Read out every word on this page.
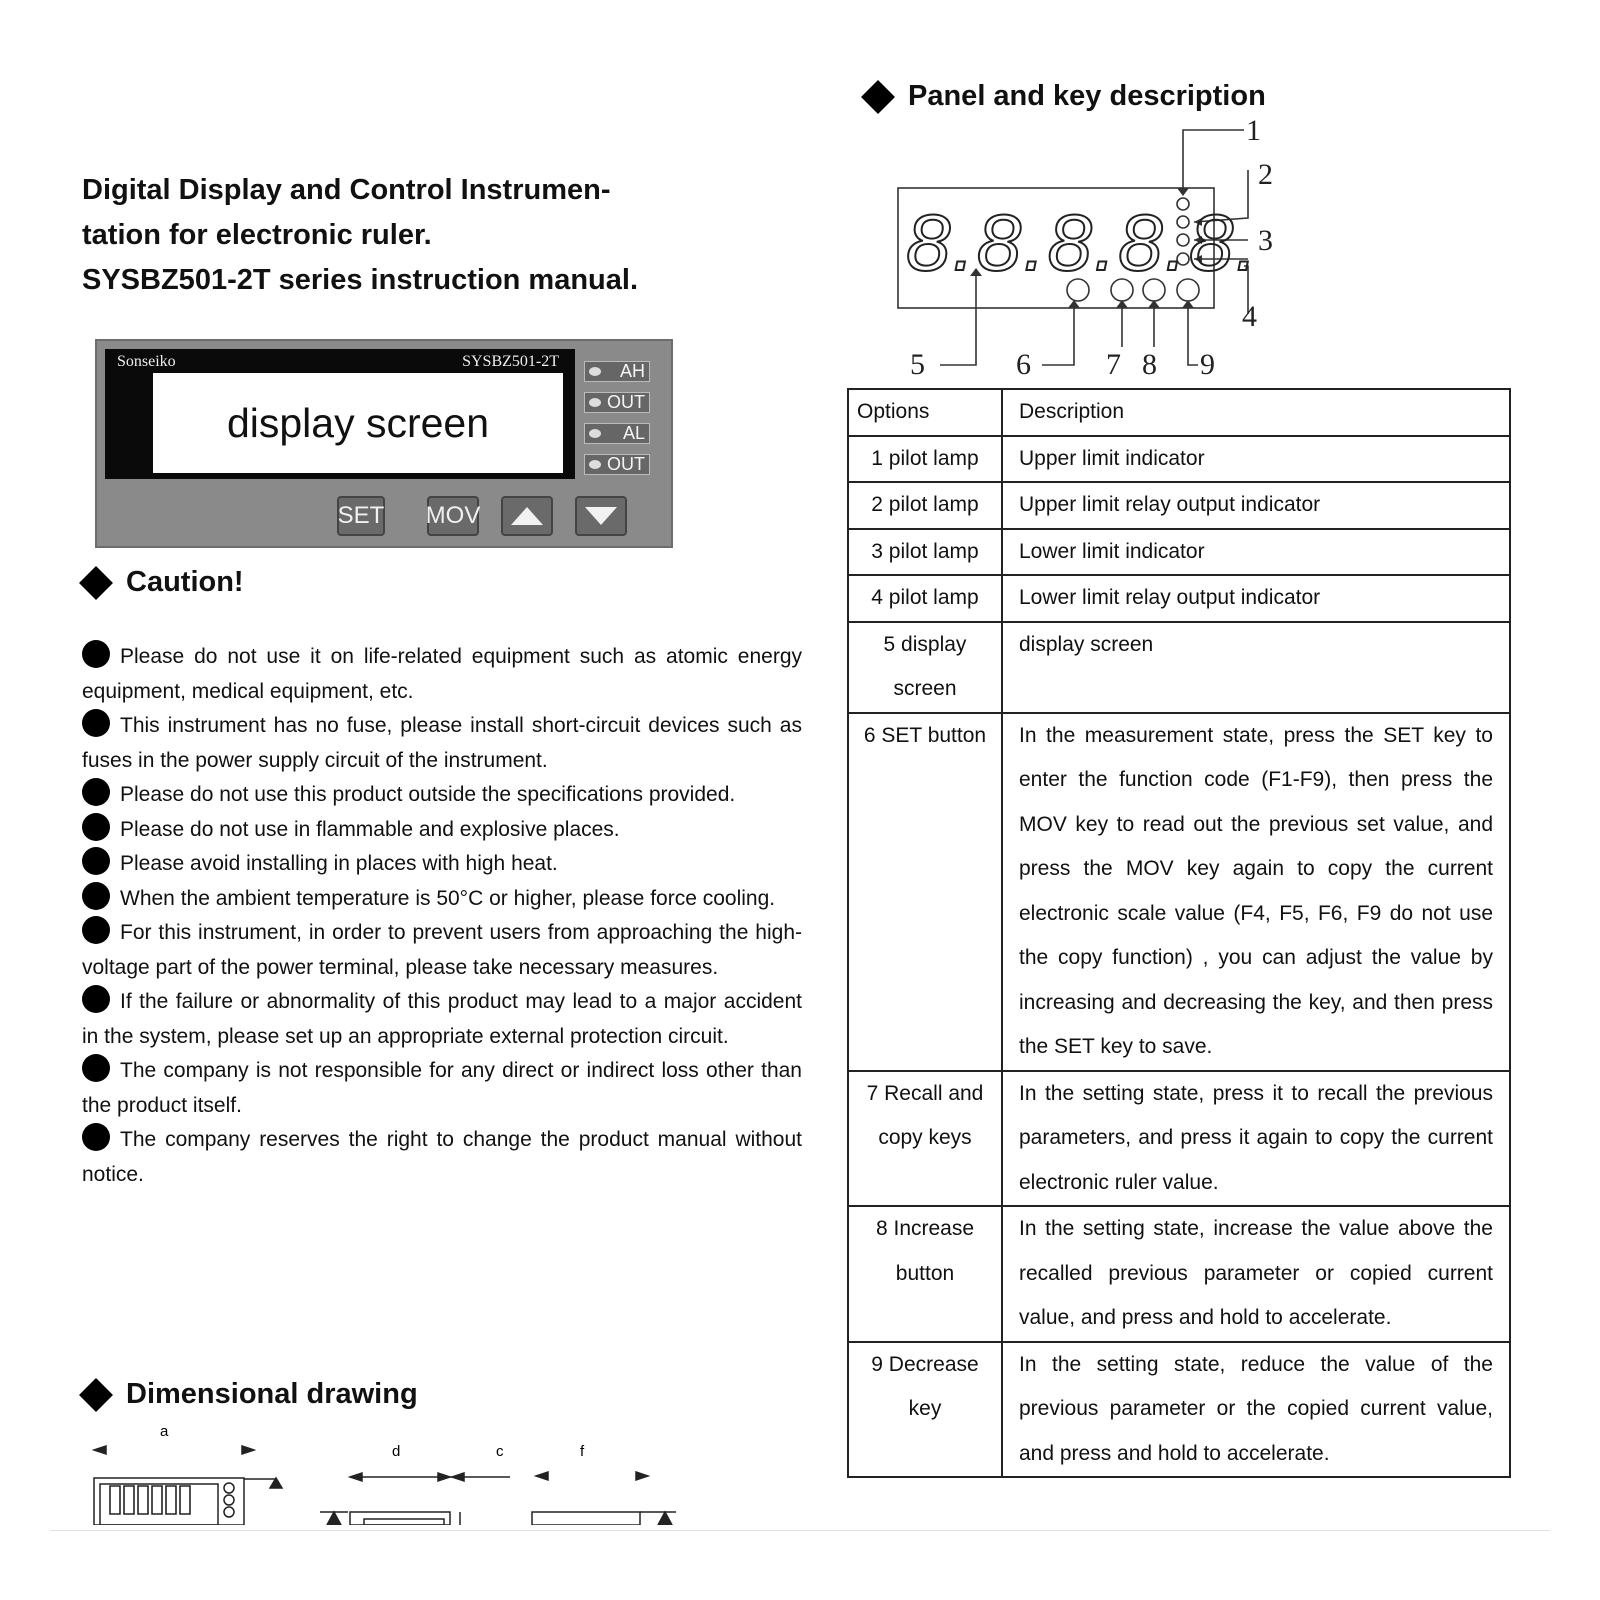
Digital Display and Control Instrumen-
tation for electronic ruler.
SYSBZ501-2T series instruction manual.
Sonseiko	SYSBZ501-2T
display screen
AH
OUT
AL
OUT
SET MOV
Caution!

Please do not use it on life-related equipment such as atomic energy equipment, medical equipment, etc.

This instrument has no fuse, please install short-circuit devices such as fuses in the power supply circuit of the instrument.

Please do not use this product outside the specifications provided.

Please do not use in flammable and explosive places.

Please avoid installing in places with high heat.

When the ambient temperature is 50°C or higher, please force cooling.

For this instrument, in order to prevent users from approaching the high-voltage part of the power terminal, please take necessary measures.

If the failure or abnormality of this product may lead to a major accident in the system, please set up an appropriate external protection circuit.

The company is not responsible for any direct or indirect loss other than the product itself.

The company reserves the right to change the product manual without notice.

Dimensional drawing
a
d	c	f
Panel and key description
8.8.8.8.8.
1
2
3
4
5	6	7 8 9
Options	Description
1 pilot lamp	Upper limit indicator
2 pilot lamp	Upper limit relay output indicator
3 pilot lamp	Lower limit indicator
4 pilot lamp	Lower limit relay output indicator
5 display screen	display screen
6 SET button	In the measurement state, press the SET key to enter the function code (F1-F9), then press the MOV key to read out the previous set value, and press the MOV key again to copy the current electronic scale value (F4, F5, F6, F9 do not use the copy function) , you can adjust the value by increasing and decreasing the key, and then press the SET key to save.
7 Recall and copy keys	In the setting state, press it to recall the previous parameters, and press it again to copy the current electronic ruler value.
8 Increase button	In the setting state, increase the value above the recalled previous parameter or copied current value, and press and hold to accelerate.
9 Decrease key	In the setting state, reduce the value of the previous parameter or the copied current value, and press and hold to accelerate.
